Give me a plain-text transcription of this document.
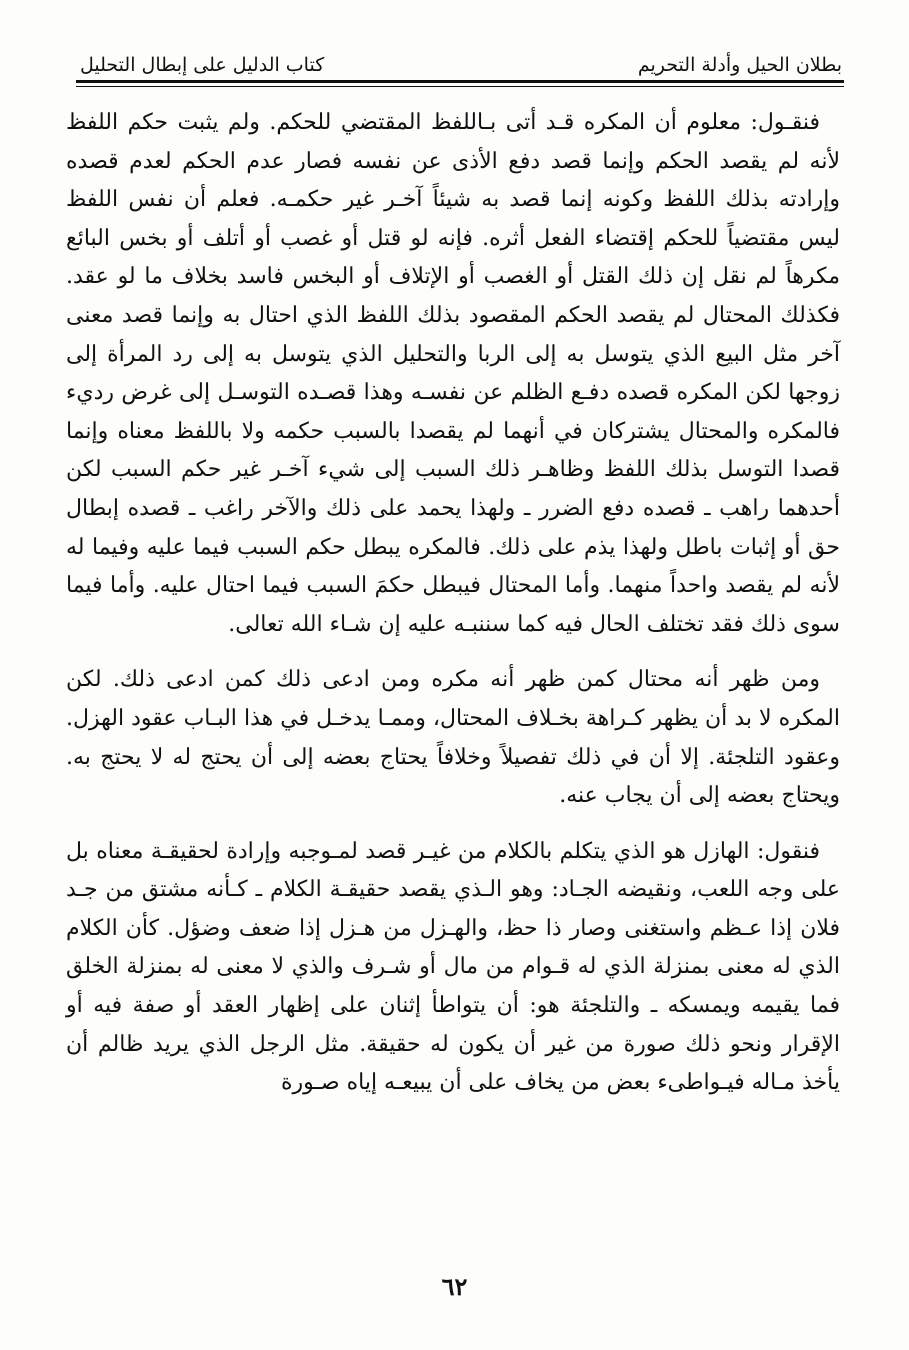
بطلان الحيل وأدلة التحريم
كتاب الدليل على إبطال التحليل

فنقـول: معلوم أن المكره قـد أتى بـاللفظ المقتضي للحكم. ولم يثبت حكم اللفظ لأنه لم يقصد الحكم وإنما قصد دفع الأذى عن نفسه فصار عدم الحكم لعدم قصده وإرادته بذلك اللفظ وكونه إنما قصد به شيئاً آخـر غير حكمـه. فعلم أن نفس اللفظ ليس مقتضياً للحكم إقتضاء الفعل أثره. فإنه لو قتل أو غصب أو أتلف أو بخس البائع مكرهاً لم نقل إن ذلك القتل أو الغصب أو الإتلاف أو البخس فاسد بخلاف ما لو عقد. فكذلك المحتال لم يقصد الحكم المقصود بذلك اللفظ الذي احتال به وإنما قصد معنى آخر مثل البيع الذي يتوسل به إلى الربا والتحليل الذي يتوسل به إلى رد المرأة إلى زوجها لكن المكره قصده دفـع الظلم عن نفسـه وهذا قصـده التوسـل إلى غرض رديء فالمكره والمحتال يشتركان في أنهما لم يقصدا بالسبب حكمه ولا باللفظ معناه وإنما قصدا التوسل بذلك اللفظ وظاهـر ذلك السبب إلى شيء آخـر غير حكم السبب لكن أحدهما راهب ـ قصده دفع الضرر ـ ولهذا يحمد على ذلك والآخر راغب ـ قصده إبطال حق أو إثبات باطل ولهذا يذم على ذلك. فالمكره يبطل حكم السبب فيما عليه وفيما له لأنه لم يقصد واحداً منهما. وأما المحتال فيبطل حكمَ السبب فيما احتال عليه. وأما فيما سوى ذلك فقد تختلف الحال فيه كما سننبـه عليه إن شـاء الله تعالى.

ومن ظهر أنه محتال كمن ظهر أنه مكره ومن ادعى ذلك كمن ادعى ذلك. لكن المكره لا بد أن يظهر كـراهة بخـلاف المحتال، وممـا يدخـل في هذا البـاب عقود الهزل. وعقود التلجئة. إلا أن في ذلك تفصيلاً وخلافاً يحتاج بعضه إلى أن يحتج له لا يحتج به. ويحتاج بعضه إلى أن يجاب عنه.

فنقول: الهازل هو الذي يتكلم بالكلام من غيـر قصد لمـوجبه وإرادة لحقيقـة معناه بل على وجه اللعب، ونقيضه الجـاد: وهو الـذي يقصد حقيقـة الكلام ـ كـأنه مشتق من جـد فلان إذا عـظم واستغنى وصار ذا حظ، والهـزل من هـزل إذا ضعف وضؤل. كأن الكلام الذي له معنى بمنزلة الذي له قـوام من مال أو شـرف والذي لا معنى له بمنزلة الخلق فما يقيمه ويمسكه ـ والتلجئة هو: أن يتواطأ إثنان على إظهار العقد أو صفة فيه أو الإقرار ونحو ذلك صورة من غير أن يكون له حقيقة. مثل الرجل الذي يريد ظالم أن يأخذ مـاله فيـواطىء بعض من يخاف على أن يبيعـه إياه صـورة

٦٢
